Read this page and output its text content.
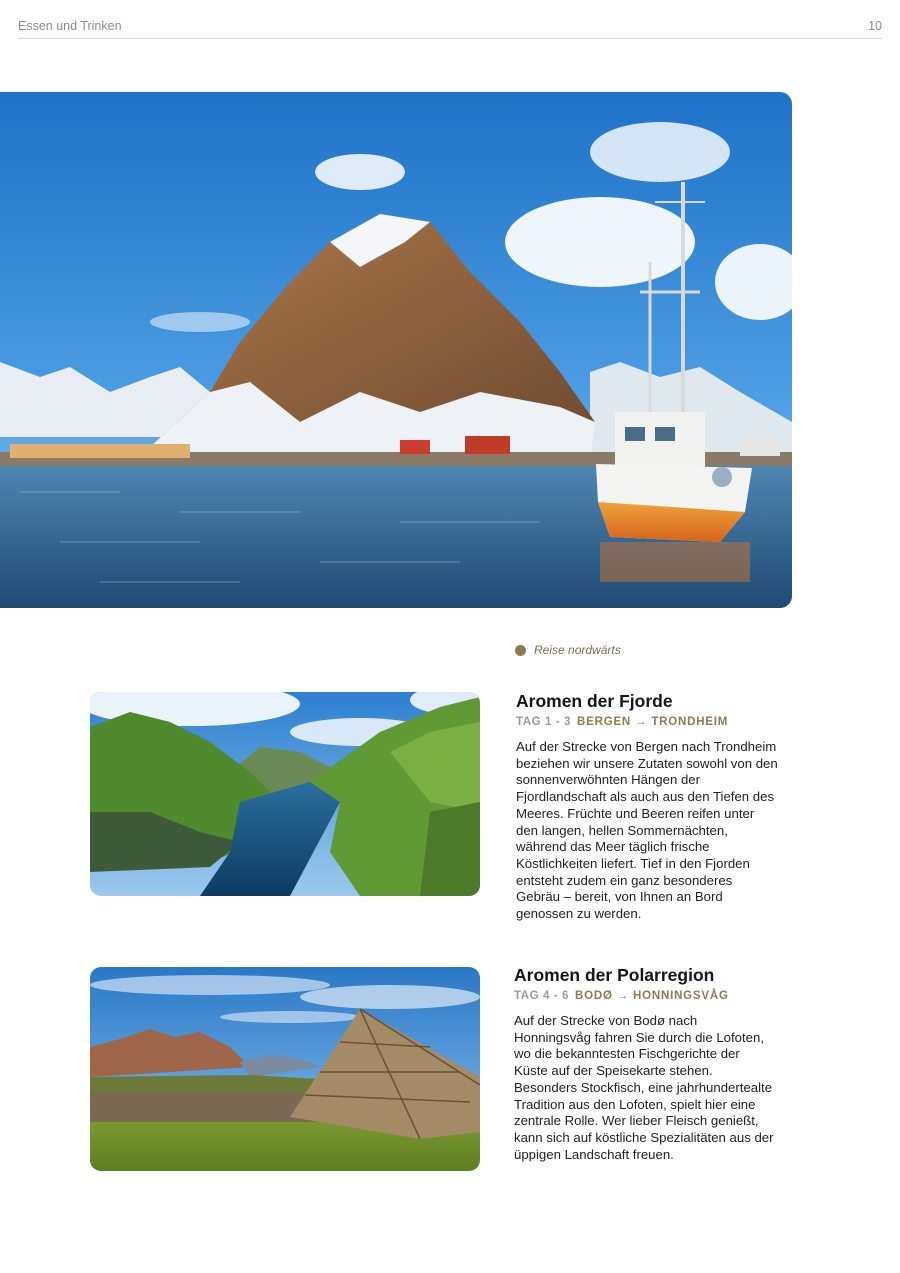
Essen und Trinken	10
Reise nordwärts
Aromen der Fjorde
TAG 1 - 3 BERGEN → TRONDHEIM

Auf der Strecke von Bergen nach Trondheim beziehen wir unsere Zutaten sowohl von den sonnenverwöhnten Hängen der Fjordlandschaft als auch aus den Tiefen des Meeres. Früchte und Beeren reifen unter den langen, hellen Sommernächten, während das Meer täglich frische Köstlichkeiten liefert. Tief in den Fjorden entsteht zudem ein ganz besonderes Gebräu – bereit, von Ihnen an Bord genossen zu werden.

Aromen der Polarregion
TAG 4 - 6 BODØ → HONNINGSVÅG

Auf der Strecke von Bodø nach Honningsvåg fahren Sie durch die Lofoten, wo die bekanntesten Fischgerichte der Küste auf der Speisekarte stehen. Besonders Stockfisch, eine jahrhundertealte Tradition aus den Lofoten, spielt hier eine zentrale Rolle. Wer lieber Fleisch genießt, kann sich auf köstliche Spezialitäten aus der üppigen Landschaft freuen.
